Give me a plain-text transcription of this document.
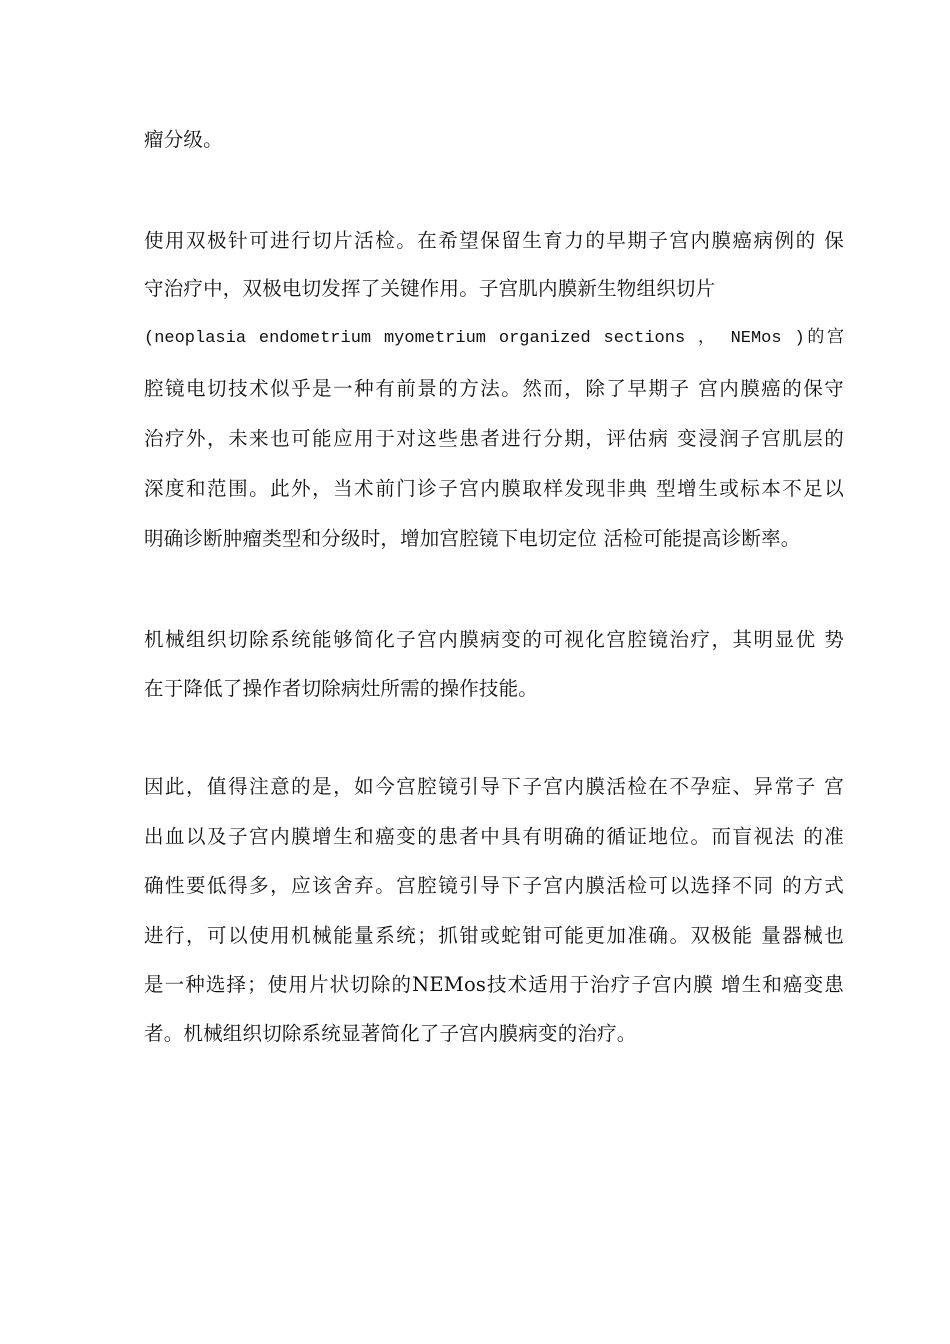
瘤分级。
使用双极针可进行切片活检。在希望保留生育力的早期子宫内膜癌病例的 保
守治疗中，双极电切发挥了关键作用。子宫肌内膜新生物组织切片
(neoplasia endometrium myometrium organized sections ， NEMos )的宫
腔镜电切技术似乎是一种有前景的方法。然而，除了早期子 宫内膜癌的保守
治疗外，未来也可能应用于对这些患者进行分期，评估病 变浸润子宫肌层的
深度和范围。此外，当术前门诊子宫内膜取样发现非典 型增生或标本不足以
明确诊断肿瘤类型和分级时，增加宫腔镜下电切定位 活检可能提高诊断率。
机械组织切除系统能够简化子宫内膜病变的可视化宫腔镜治疗，其明显优 势
在于降低了操作者切除病灶所需的操作技能。
因此，值得注意的是，如今宫腔镜引导下子宫内膜活检在不孕症、异常子 宫
出血以及子宫内膜增生和癌变的患者中具有明确的循证地位。而盲视法 的准
确性要低得多，应该舍弃。宫腔镜引导下子宫内膜活检可以选择不同 的方式
进行，可以使用机械能量系统；抓钳或蛇钳可能更加准确。双极能 量器械也
是一种选择；使用片状切除的NEMos技术适用于治疗子宫内膜 增生和癌变患
者。机械组织切除系统显著简化了子宫内膜病变的治疗。
